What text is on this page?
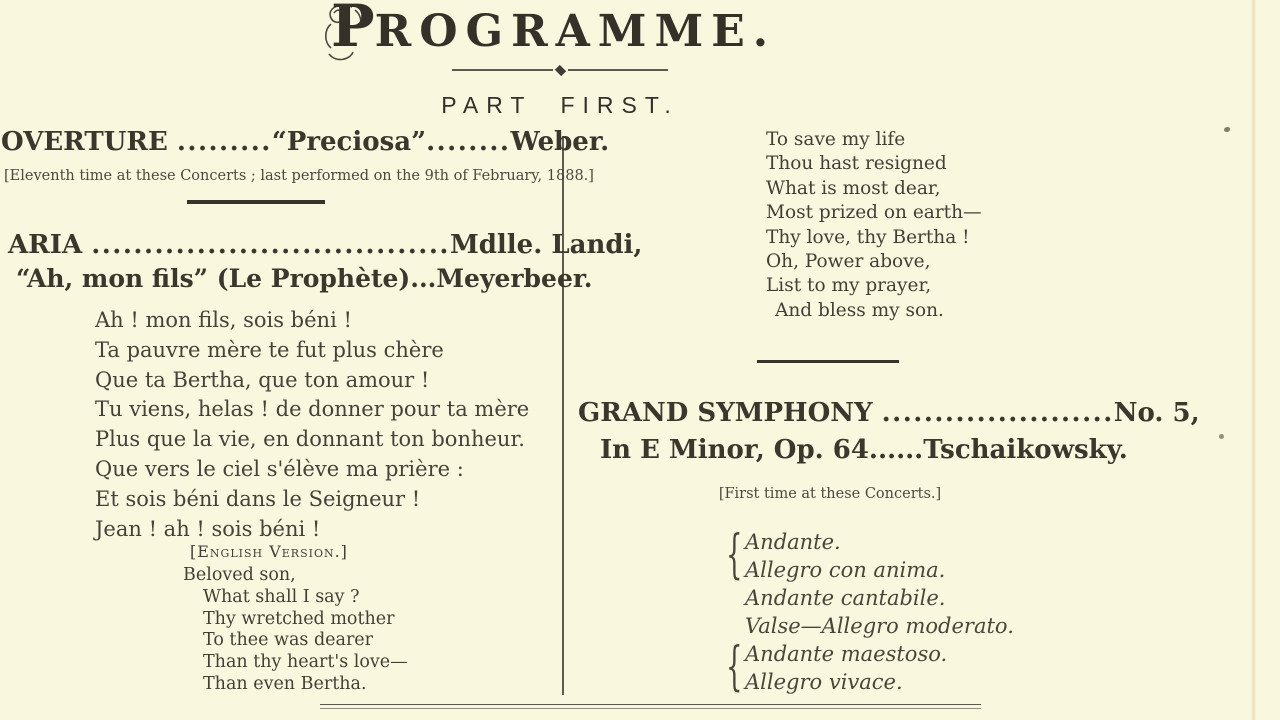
PROGRAMME.
PART FIRST.
OVERTURE .........“Preciosa”........Weber.
[Eleventh time at these Concerts ; last performed on the 9th of February, 1888.]
ARIA ..................................Mdlle. Landi,
“Ah, mon fils” (Le Prophète)...Meyerbeer.
Ah ! mon fils, sois béni !
Ta pauvre mère te fut plus chère
Que ta Bertha, que ton amour !
Tu viens, helas ! de donner pour ta mère
Plus que la vie, en donnant ton bonheur.
Que vers le ciel s'élève ma prière :
Et sois béni dans le Seigneur !
Jean ! ah ! sois béni !
[English Version.]
Beloved son,
What shall I say ?
Thy wretched mother
To thee was dearer
Than thy heart's love—
Than even Bertha.
To save my life
Thou hast resigned
What is most dear,
Most prized on earth—
Thy love, thy Bertha !
Oh, Power above,
List to my prayer,
And bless my son.
GRAND SYMPHONY ......................No. 5,
In E Minor, Op. 64......Tschaikowsky.
[First time at these Concerts.]
{
{
Andante.
Allegro con anima.
Andante cantabile.
Valse—Allegro moderato.
Andante maestoso.
Allegro vivace.
